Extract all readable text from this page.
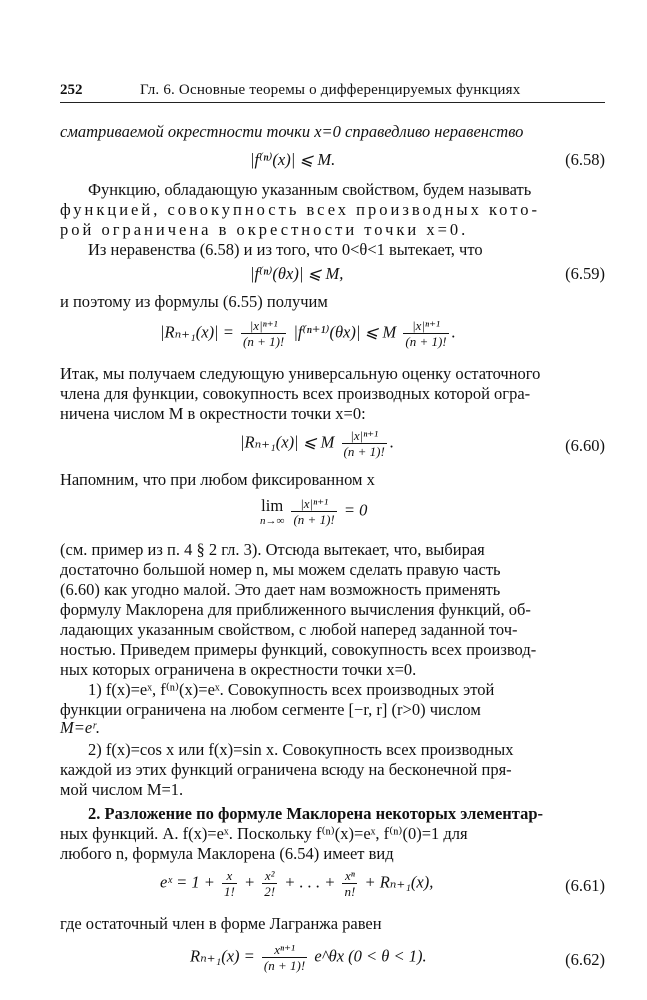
252	Гл. 6. Основные теоремы о дифференцируемых функциях
сматриваемой окрестности точки x=0 справедливо неравенство
|f⁽ⁿ⁾(x)| ⩽ M.	(6.58)
Функцию, обладающую указанным свойством, будем называть
функцией, совокупность всех производных кото-
рой ограничена в окрестности точки x=0.
Из неравенства (6.58) и из того, что 0<θ<1 вытекает, что
|f⁽ⁿ⁾(θx)| ⩽ M,	(6.59)
и поэтому из формулы (6.55) получим
$|R_{n+1}(x)| = \frac{\text{|x|ⁿ⁺¹}}{(n + 1)!} |f^{(n+1)}(\theta x)|$ ⩽ M $\frac{\text{|x|ⁿ⁺¹}}{(n + 1)!}$ .
Итак, мы получаем следующую универсальную оценку остаточного
члена для функции, совокупность всех производных которой огра-
ничена числом M в окрестности точки x=0:
|Rₙ₊₁(x)| ⩽ M $\frac{\text{|x|ⁿ⁺¹}}{(n + 1)!}$ .	(6.60)
Напомним, что при любом фиксированном x
lim
n→∞
$\frac{\text{|x|ⁿ⁺¹}}{(n + 1)!} = 0$
(см. пример из п. 4 § 2 гл. 3). Отсюда вытекает, что, выбирая
достаточно большой номер n, мы можем сделать правую часть
(6.60) как угодно малой. Это дает нам возможность применять
формулу Маклорена для приближенного вычисления функций, об-
ладающих указанным свойством, с любой наперед заданной точ-
ностью. Приведем примеры функций, совокупность всех производ-
ных которых ограничена в окрестности точки x=0.
1) f(x)=eˣ, f⁽ⁿ⁾(x)=eˣ. Совокупность всех производных этой
функции ограничена на любом сегменте [−r, r] (r>0) числом
M=eʳ.
2) f(x)=cos x или f(x)=sin x. Совокупность всех производных
каждой из этих функций ограничена всюду на бесконечной пря-
мой числом M=1.
2. Разложение по формуле Маклорена некоторых элементар-
ных функций. А. f(x)=eˣ. Поскольку f⁽ⁿ⁾(x)=eˣ, f⁽ⁿ⁾(0)=1 для
любого n, формула Маклорена (6.54) имеет вид
eˣ = $1 + \frac{x}{1!} + \frac{\text{x²}}{2!}$ + . . . + $\frac{\text{xⁿ}}{n!} + R_{n+1}(x)$,	(6.61)
где остаточный член в форме Лагранжа равен
$R_{n+1}(x) = \frac{\text{xⁿ⁺¹}}{(n + 1)!}$ e^θx (0 < θ < 1).	(6.62)
